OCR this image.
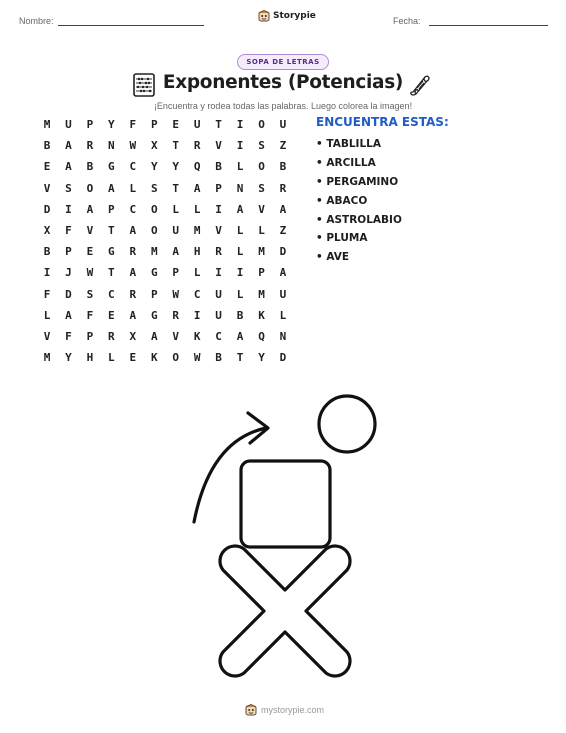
Nombre:	Storypie	Fecha:
SOPA DE LETRAS
Exponentes (Potencias)
¡Encuentra y rodea todas las palabras. Luego colorea la imagen!
M	U	P	Y	F	P	E	U	T	I	O	U
B	A	R	N	W	X	T	R	V	I	S	Z
E	A	B	G	C	Y	Y	Q	B	L	O	B
V	S	O	A	L	S	T	A	P	N	S	R
D	I	A	P	C	O	L	L	I	A	V	A
X	F	V	T	A	O	U	M	V	L	L	Z
B	P	E	G	R	M	A	H	R	L	M	D
I	J	W	T	A	G	P	L	I	I	P	A
F	D	S	C	R	P	W	C	U	L	M	U
L	A	F	E	A	G	R	I	U	B	K	L
V	F	P	R	X	A	V	K	C	A	Q	N
M	Y	H	L	E	K	O	W	B	T	Y	D
ENCUENTRA ESTAS:
• TABLILLA
• ARCILLA
• PERGAMINO
• ABACO
• ASTROLABIO
• PLUMA
• AVE
mystorypie.com
